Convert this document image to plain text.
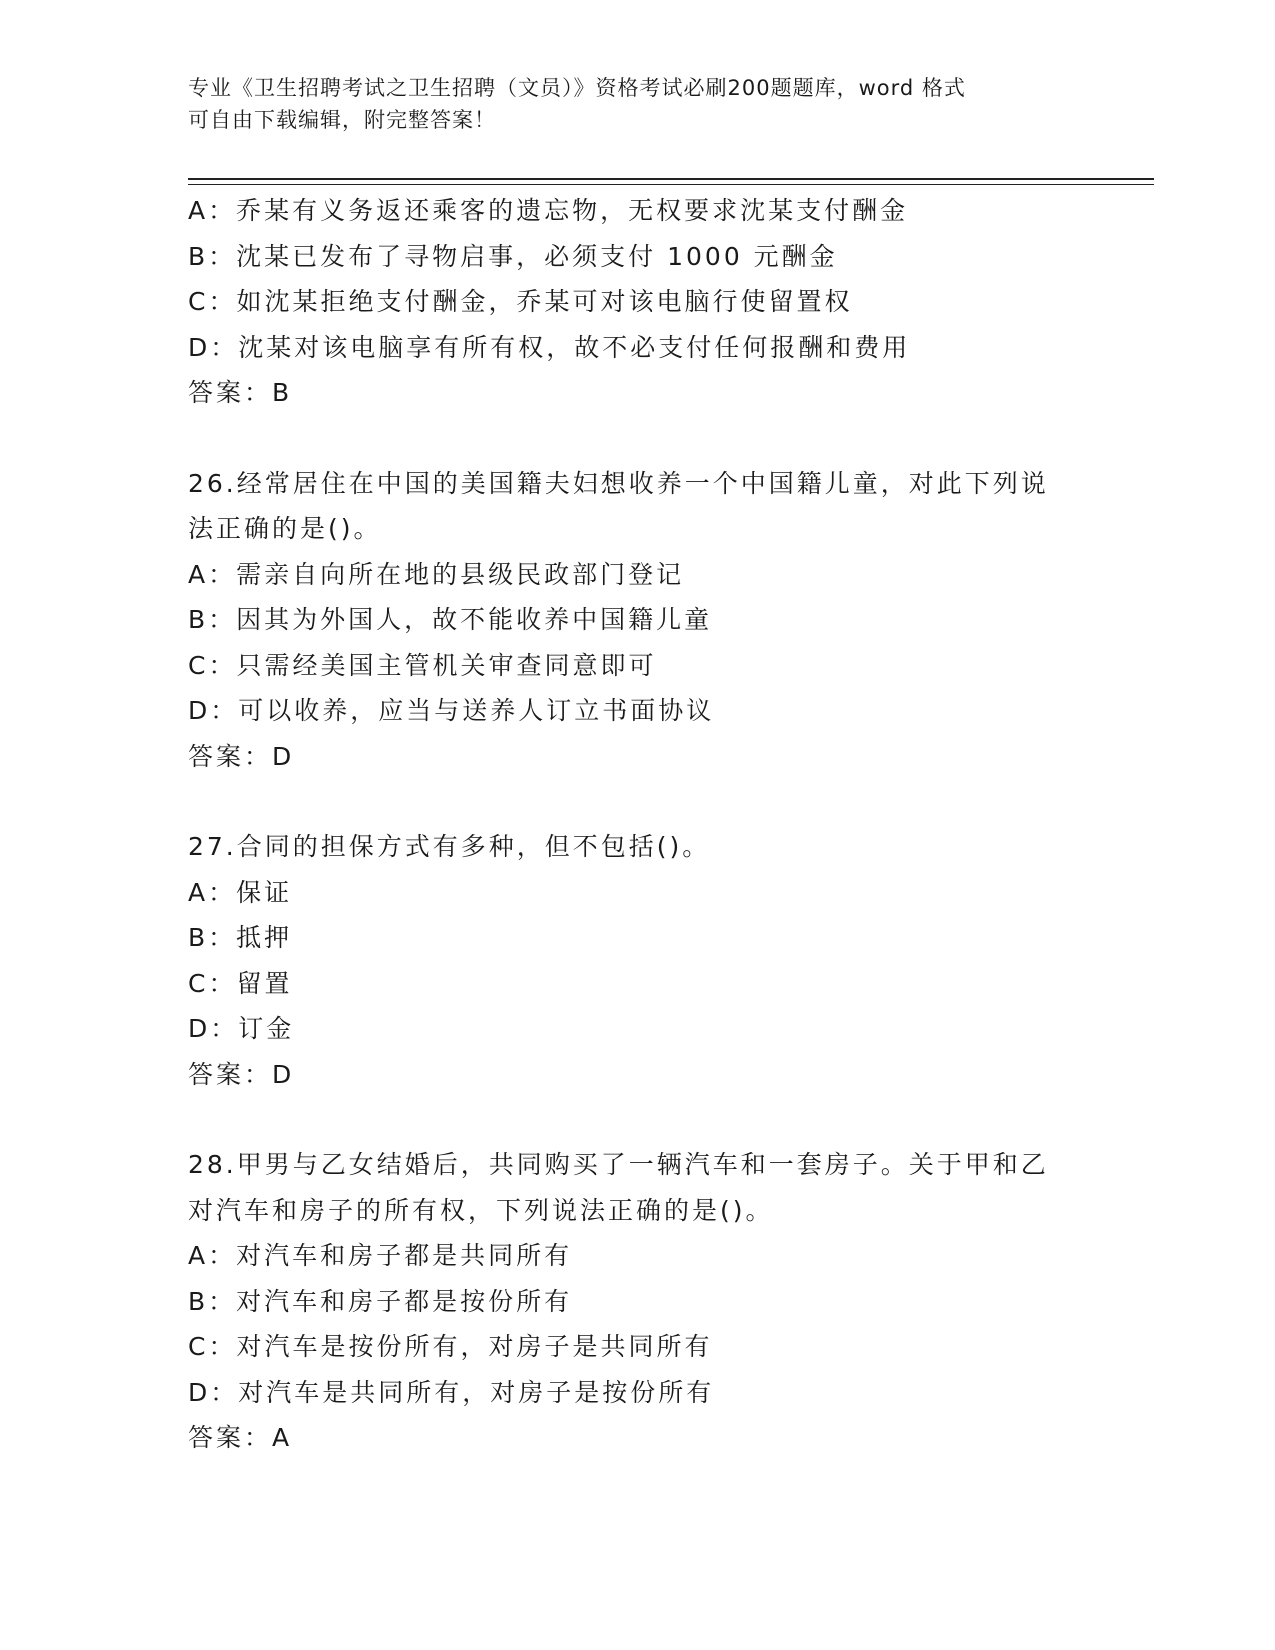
专业《卫生招聘考试之卫生招聘（文员）》资格考试必刷200题题库，word 格式
可自由下载编辑，附完整答案！
A：乔某有义务返还乘客的遗忘物，无权要求沈某支付酬金
B：沈某已发布了寻物启事，必须支付 1000 元酬金
C：如沈某拒绝支付酬金，乔某可对该电脑行使留置权
D：沈某对该电脑享有所有权，故不必支付任何报酬和费用
答案：B
26.经常居住在中国的美国籍夫妇想收养一个中国籍儿童，对此下列说
法正确的是()。
A：需亲自向所在地的县级民政部门登记
B：因其为外国人，故不能收养中国籍儿童
C：只需经美国主管机关审查同意即可
D：可以收养，应当与送养人订立书面协议
答案：D
27.合同的担保方式有多种，但不包括()。
A：保证
B：抵押
C：留置
D：订金
答案：D
28.甲男与乙女结婚后，共同购买了一辆汽车和一套房子。关于甲和乙
对汽车和房子的所有权，下列说法正确的是()。
A：对汽车和房子都是共同所有
B：对汽车和房子都是按份所有
C：对汽车是按份所有，对房子是共同所有
D：对汽车是共同所有，对房子是按份所有
答案：A
